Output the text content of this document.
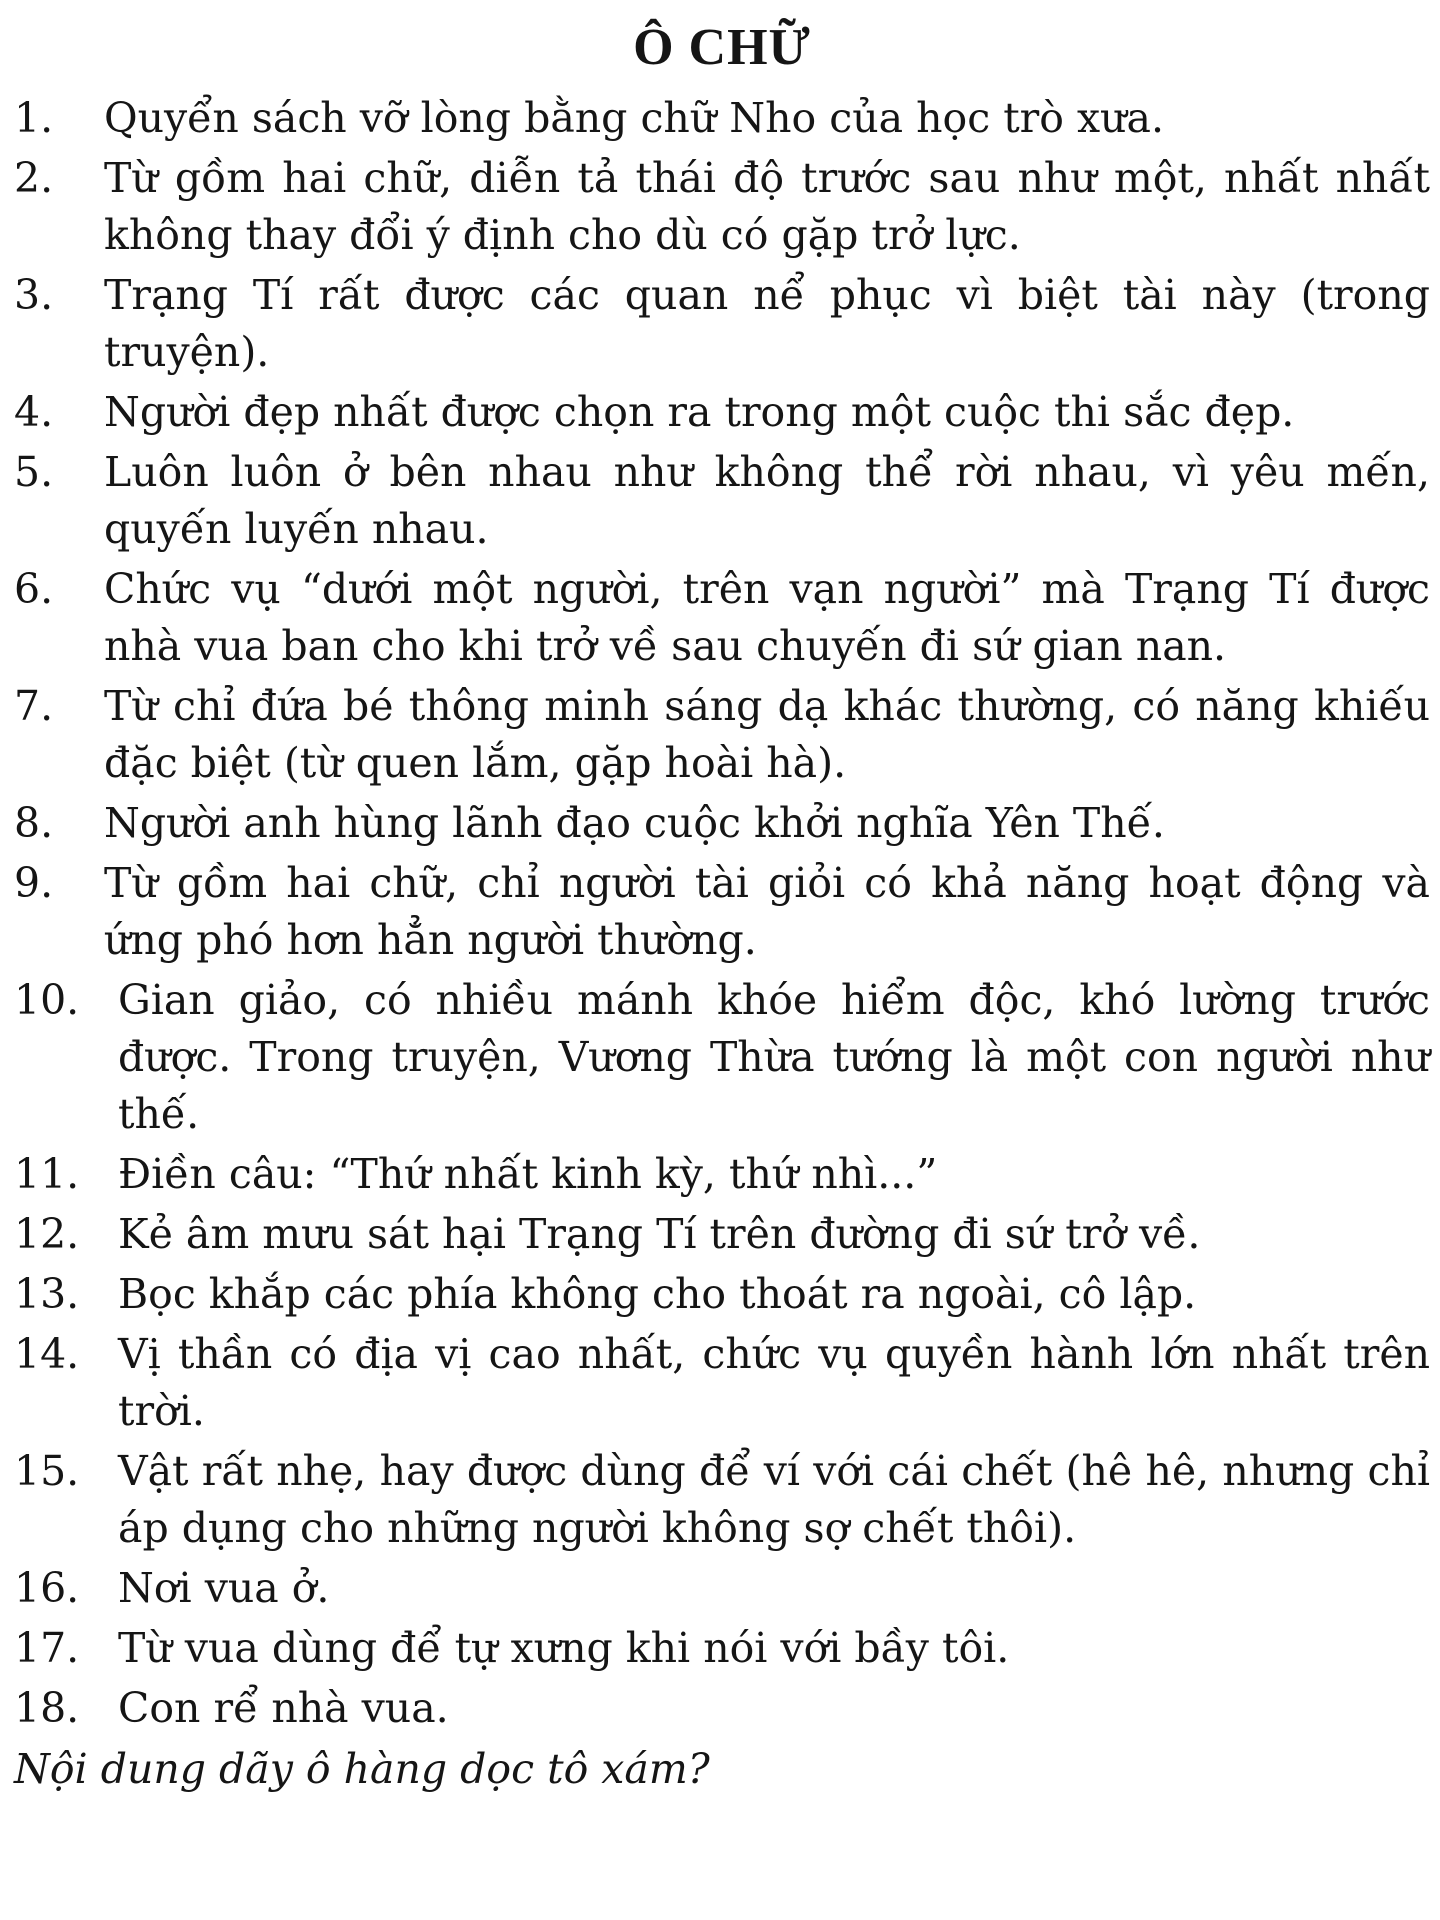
Ô CHỮ
1.	Quyển sách vỡ lòng bằng chữ Nho của học trò xưa.
2.	Từ gồm hai chữ, diễn tả thái độ trước sau như một, nhất nhất không thay đổi ý định cho dù có gặp trở lực.
3.	Trạng Tí rất được các quan nể phục vì biệt tài này (trong truyện).
4.	Người đẹp nhất được chọn ra trong một cuộc thi sắc đẹp.
5.	Luôn luôn ở bên nhau như không thể rời nhau, vì yêu mến, quyến luyến nhau.
6.	Chức vụ “dưới một người, trên vạn người” mà Trạng Tí được nhà vua ban cho khi trở về sau chuyến đi sứ gian nan.
7.	Từ chỉ đứa bé thông minh sáng dạ khác thường, có năng khiếu đặc biệt (từ quen lắm, gặp hoài hà).
8.	Người anh hùng lãnh đạo cuộc khởi nghĩa Yên Thế.
9.	Từ gồm hai chữ, chỉ người tài giỏi có khả năng hoạt động và ứng phó hơn hẳn người thường.
10. Gian giảo, có nhiều mánh khóe hiểm độc, khó lường trước được. Trong truyện, Vương Thừa tướng là một con người như thế.
11. Điền câu: “Thứ nhất kinh kỳ, thứ nhì...”
12. Kẻ âm mưu sát hại Trạng Tí trên đường đi sứ trở về.
13. Bọc khắp các phía không cho thoát ra ngoài, cô lập.
14. Vị thần có địa vị cao nhất, chức vụ quyền hành lớn nhất trên trời.
15. Vật rất nhẹ, hay được dùng để ví với cái chết (hê hê, nhưng chỉ áp dụng cho những người không sợ chết thôi).
16. Nơi vua ở.
17. Từ vua dùng để tự xưng khi nói với bầy tôi.
18. Con rể nhà vua.
Nội dung dãy ô hàng dọc tô xám?
